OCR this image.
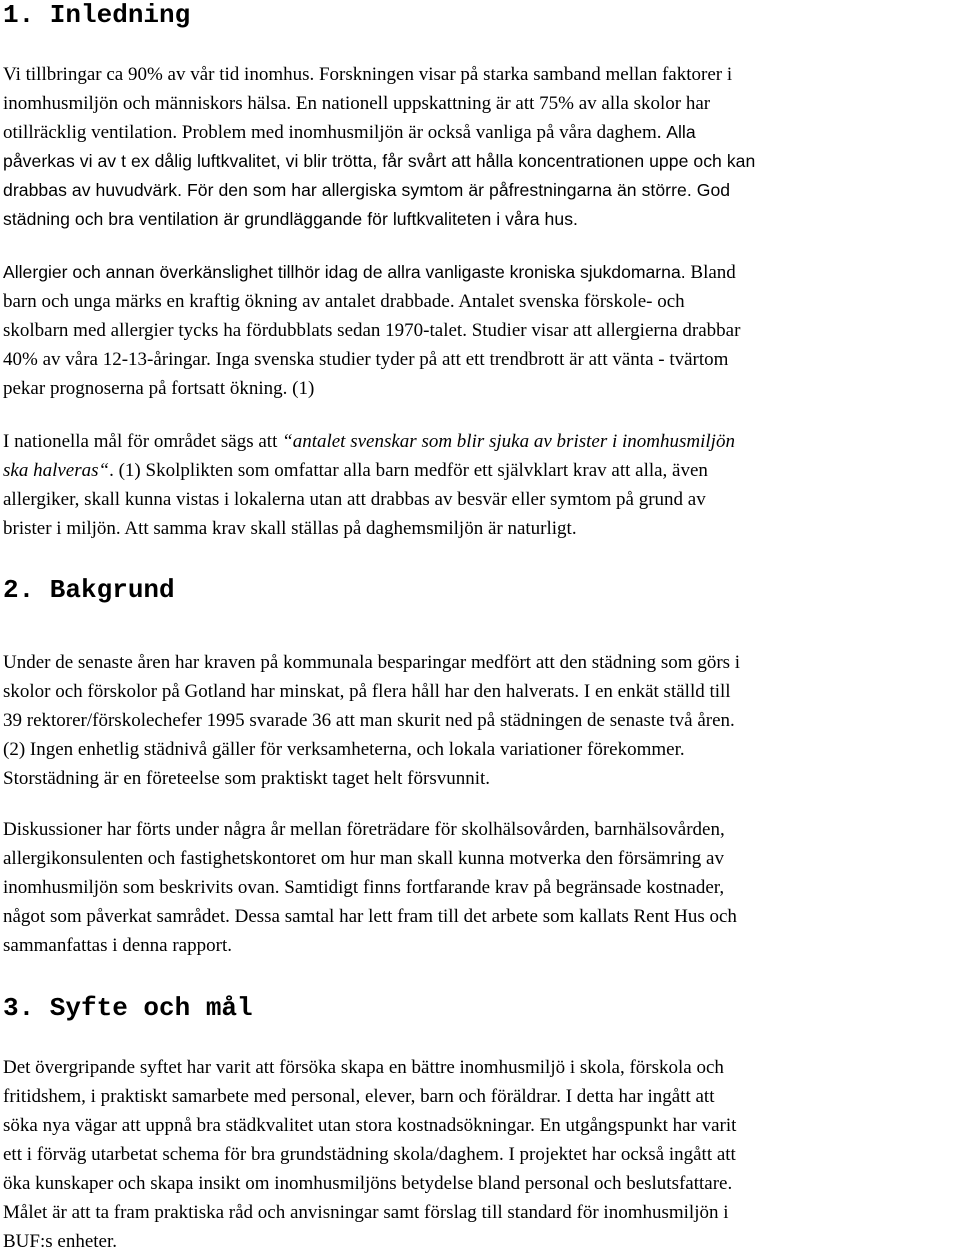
1. Inledning
Vi tillbringar ca 90% av vår tid inomhus. Forskningen visar på starka samband mellan faktorer i
inomhusmiljön och människors hälsa. En nationell uppskattning är att 75% av alla skolor har
otillräcklig ventilation. Problem med inomhusmiljön är också vanliga på våra daghem. Alla
påverkas vi av t ex dålig luftkvalitet, vi blir trötta, får svårt att hålla koncentrationen uppe och kan
drabbas av huvudvärk. För den som har allergiska symtom är påfrestningarna än större. God
städning och bra ventilation är grundläggande för luftkvaliteten i våra hus.
Allergier och annan överkänslighet tillhör idag de allra vanligaste kroniska sjukdomarna. Bland
barn och unga märks en kraftig ökning av antalet drabbade. Antalet svenska förskole- och
skolbarn med allergier tycks ha fördubblats sedan 1970-talet. Studier visar att allergierna drabbar
40% av våra 12-13-åringar. Inga svenska studier tyder på att ett trendbrott är att vänta - tvärtom
pekar prognoserna på fortsatt ökning. (1)
I nationella mål för området sägs att “antalet svenskar som blir sjuka av brister i inomhusmiljön
ska halveras“. (1) Skolplikten som omfattar alla barn medför ett självklart krav att alla, även
allergiker, skall kunna vistas i lokalerna utan att drabbas av besvär eller symtom på grund av
brister i miljön. Att samma krav skall ställas på daghemsmiljön är naturligt.
2. Bakgrund
Under de senaste åren har kraven på kommunala besparingar medfört att den städning som görs i
skolor och förskolor på Gotland har minskat, på flera håll har den halverats. I en enkät ställd till
39 rektorer/förskolechefer 1995 svarade 36 att man skurit ned på städningen de senaste två åren.
(2) Ingen enhetlig städnivå gäller för verksamheterna, och lokala variationer förekommer.
Storstädning är en företeelse som praktiskt taget helt försvunnit.
Diskussioner har förts under några år mellan företrädare för skolhälsovården, barnhälsovården,
allergikonsulenten och fastighetskontoret om hur man skall kunna motverka den försämring av
inomhusmiljön som beskrivits ovan. Samtidigt finns fortfarande krav på begränsade kostnader,
något som påverkat samrådet. Dessa samtal har lett fram till det arbete som kallats Rent Hus och
sammanfattas i denna rapport.
3. Syfte och mål
Det övergripande syftet har varit att försöka skapa en bättre inomhusmiljö i skola, förskola och
fritidshem, i praktiskt samarbete med personal, elever, barn och föräldrar. I detta har ingått att
söka nya vägar att uppnå bra städkvalitet utan stora kostnadsökningar. En utgångspunkt har varit
ett i förväg utarbetat schema för bra grundstädning skola/daghem. I projektet har också ingått att
öka kunskaper och skapa insikt om inomhusmiljöns betydelse bland personal och beslutsfattare.
Målet är att ta fram praktiska råd och anvisningar samt förslag till standard för inomhusmiljön i
BUF:s enheter.
